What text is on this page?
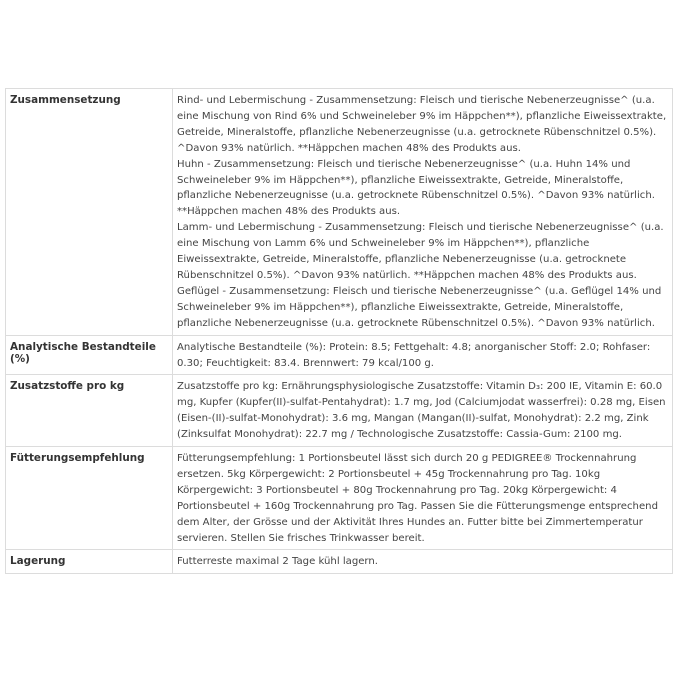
Zusammensetzung	Rind- und Lebermischung - Zusammensetzung: Fleisch und tierische Nebenerzeugnisse^ (u.a. eine Mischung von Rind 6% und Schweineleber 9% im Häppchen**), pflanzliche Eiweissextrakte, Getreide, Mineralstoffe, pflanzliche Nebenerzeugnisse (u.a. getrocknete Rübenschnitzel 0.5%). ^Davon 93% natürlich. **Häppchen machen 48% des Produkts aus.
Huhn - Zusammensetzung: Fleisch und tierische Nebenerzeugnisse^ (u.a. Huhn 14% und Schweineleber 9% im Häppchen**), pflanzliche Eiweissextrakte, Getreide, Mineralstoffe, pflanzliche Nebenerzeugnisse (u.a. getrocknete Rübenschnitzel 0.5%). ^Davon 93% natürlich. **Häppchen machen 48% des Produkts aus.
Lamm- und Lebermischung - Zusammensetzung: Fleisch und tierische Nebenerzeugnisse^ (u.a. eine Mischung von Lamm 6% und Schweineleber 9% im Häppchen**), pflanzliche Eiweissextrakte, Getreide, Mineralstoffe, pflanzliche Nebenerzeugnisse (u.a. getrocknete Rübenschnitzel 0.5%). ^Davon 93% natürlich. **Häppchen machen 48% des Produkts aus.
Geflügel - Zusammensetzung: Fleisch und tierische Nebenerzeugnisse^ (u.a. Geflügel 14% und Schweineleber 9% im Häppchen**), pflanzliche Eiweissextrakte, Getreide, Mineralstoffe, pflanzliche Nebenerzeugnisse (u.a. getrocknete Rübenschnitzel 0.5%). ^Davon 93% natürlich.

Analytische Bestandteile (%)	Analytische Bestandteile (%): Protein: 8.5; Fettgehalt: 4.8; anorganischer Stoff: 2.0; Rohfaser: 0.30; Feuchtigkeit: 83.4. Brennwert: 79 kcal/100 g.

Zusatzstoffe pro kg	Zusatzstoffe pro kg: Ernährungsphysiologische Zusatzstoffe: Vitamin D₃: 200 IE, Vitamin E: 60.0 mg, Kupfer (Kupfer(II)-sulfat-Pentahydrat): 1.7 mg, Jod (Calciumjodat wasserfrei): 0.28 mg, Eisen (Eisen-(II)-sulfat-Monohydrat): 3.6 mg, Mangan (Mangan(II)-sulfat, Monohydrat): 2.2 mg, Zink (Zinksulfat Monohydrat): 22.7 mg / Technologische Zusatzstoffe: Cassia-Gum: 2100 mg.

Fütterungsempfehlung	Fütterungsempfehlung: 1 Portionsbeutel lässt sich durch 20 g PEDIGREE® Trockennahrung ersetzen. 5kg Körpergewicht: 2 Portionsbeutel + 45g Trockennahrung pro Tag. 10kg Körpergewicht: 3 Portionsbeutel + 80g Trockennahrung pro Tag. 20kg Körpergewicht: 4 Portionsbeutel + 160g Trockennahrung pro Tag. Passen Sie die Fütterungsmenge entsprechend dem Alter, der Grösse und der Aktivität Ihres Hundes an. Futter bitte bei Zimmertemperatur servieren. Stellen Sie frisches Trinkwasser bereit.

Lagerung	Futterreste maximal 2 Tage kühl lagern.
